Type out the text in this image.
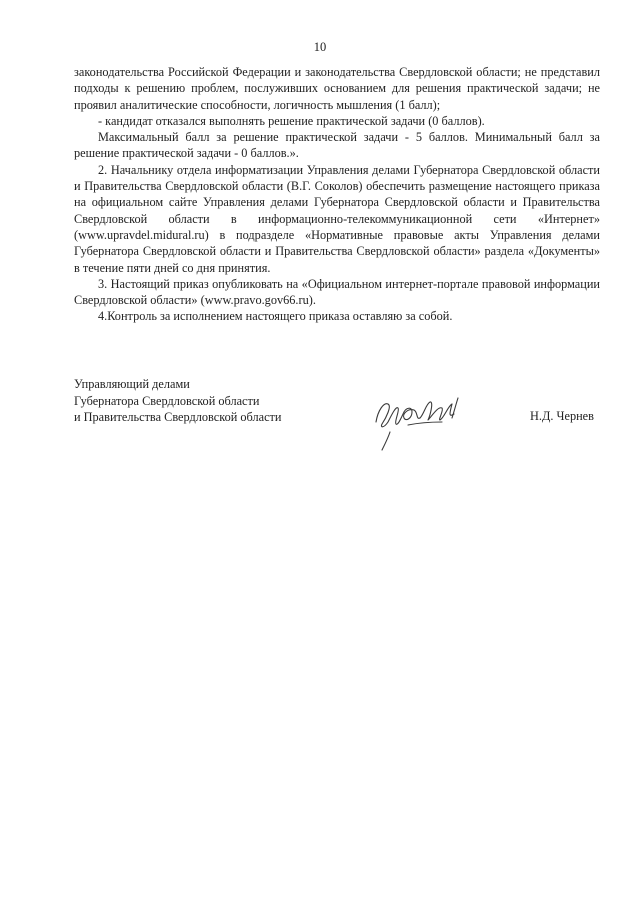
10

законодательства Российской Федерации и законодательства Свердловской области; не представил подходы к решению проблем, послуживших основанием для решения практической задачи; не проявил аналитические способности, логичность мышления (1 балл);

- кандидат отказался выполнять решение практической задачи (0 баллов).

Максимальный балл за решение практической задачи - 5 баллов. Минимальный балл за решение практической задачи - 0 баллов.».

2. Начальнику отдела информатизации Управления делами Губернатора Свердловской области и Правительства Свердловской области (В.Г. Соколов) обеспечить размещение настоящего приказа на официальном сайте Управления делами Губернатора Свердловской области и Правительства Свердловской области в информационно-телекоммуникационной сети «Интернет» (www.upravdel.midural.ru) в подразделе «Нормативные правовые акты Управления делами Губернатора Свердловской области и Правительства Свердловской области» раздела «Документы» в течение пяти дней со дня принятия.

3. Настоящий приказ опубликовать на «Официальном интернет-портале правовой информации Свердловской области» (www.pravo.gov66.ru).

4.Контроль за исполнением настоящего приказа оставляю за собой.

Управляющий делами
Губернатора Свердловской области
и Правительства Свердловской области	Н.Д. Чернев
